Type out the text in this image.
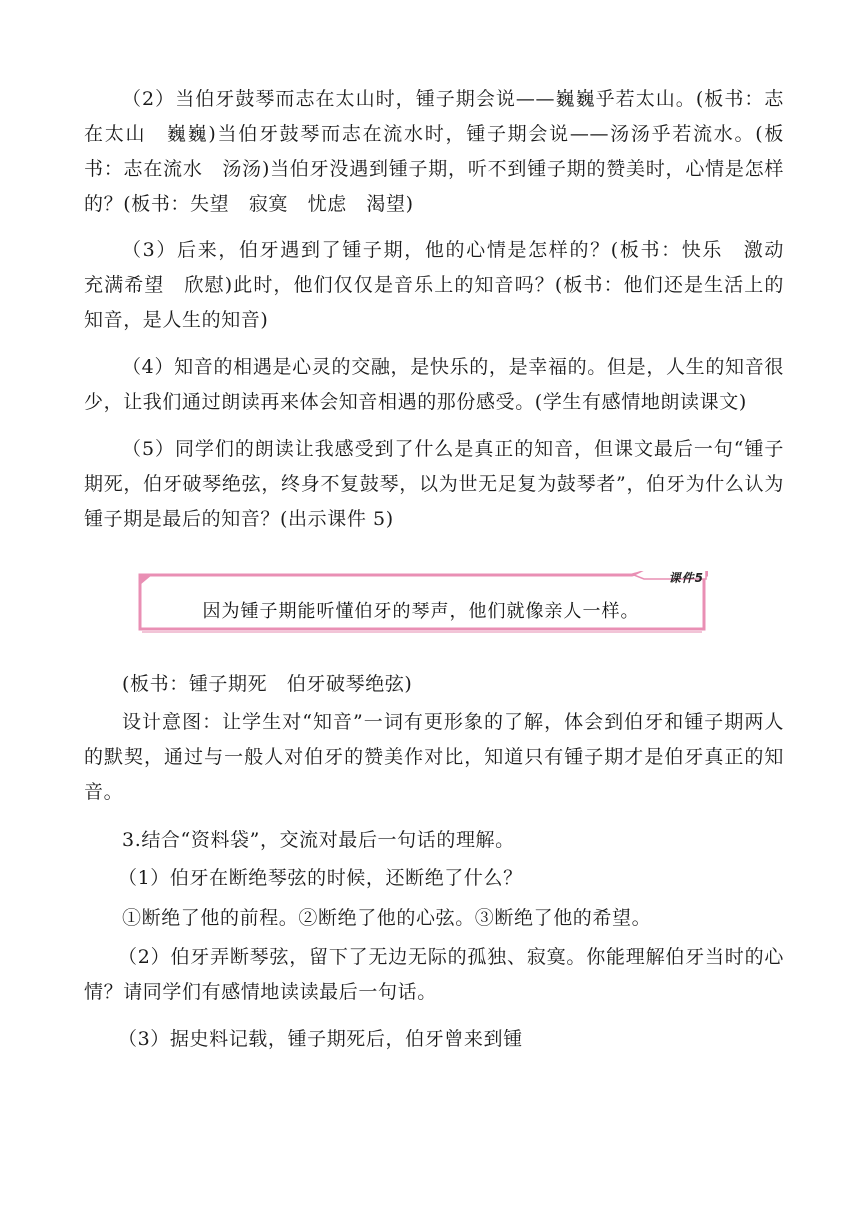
（2）当伯牙鼓琴而志在太山时，锺子期会说——巍巍乎若太山。(板书：志在太山　巍巍)当伯牙鼓琴而志在流水时，锺子期会说——汤汤乎若流水。(板书：志在流水　汤汤)当伯牙没遇到锺子期，听不到锺子期的赞美时，心情是怎样的？(板书：失望　寂寞　忧虑　渴望)

（3）后来，伯牙遇到了锺子期，他的心情是怎样的？(板书：快乐　激动　充满希望　欣慰)此时，他们仅仅是音乐上的知音吗？(板书：他们还是生活上的知音，是人生的知音)

（4）知音的相遇是心灵的交融，是快乐的，是幸福的。但是，人生的知音很少，让我们通过朗读再来体会知音相遇的那份感受。(学生有感情地朗读课文)

（5）同学们的朗读让我感受到了什么是真正的知音，但课文最后一句“锺子期死，伯牙破琴绝弦，终身不复鼓琴，以为世无足复为鼓琴者”，伯牙为什么认为锺子期是最后的知音？(出示课件 5)

课件5
因为锺子期能听懂伯牙的琴声，他们就像亲人一样。

(板书：锺子期死　伯牙破琴绝弦)

设计意图：让学生对“知音”一词有更形象的了解，体会到伯牙和锺子期两人的默契，通过与一般人对伯牙的赞美作对比，知道只有锺子期才是伯牙真正的知音。

3.结合“资料袋”，交流对最后一句话的理解。

（1）伯牙在断绝琴弦的时候，还断绝了什么？

①断绝了他的前程。②断绝了他的心弦。③断绝了他的希望。

（2）伯牙弄断琴弦，留下了无边无际的孤独、寂寞。你能理解伯牙当时的心情？请同学们有感情地读读最后一句话。

（3）据史料记载，锺子期死后，伯牙曾来到锺
